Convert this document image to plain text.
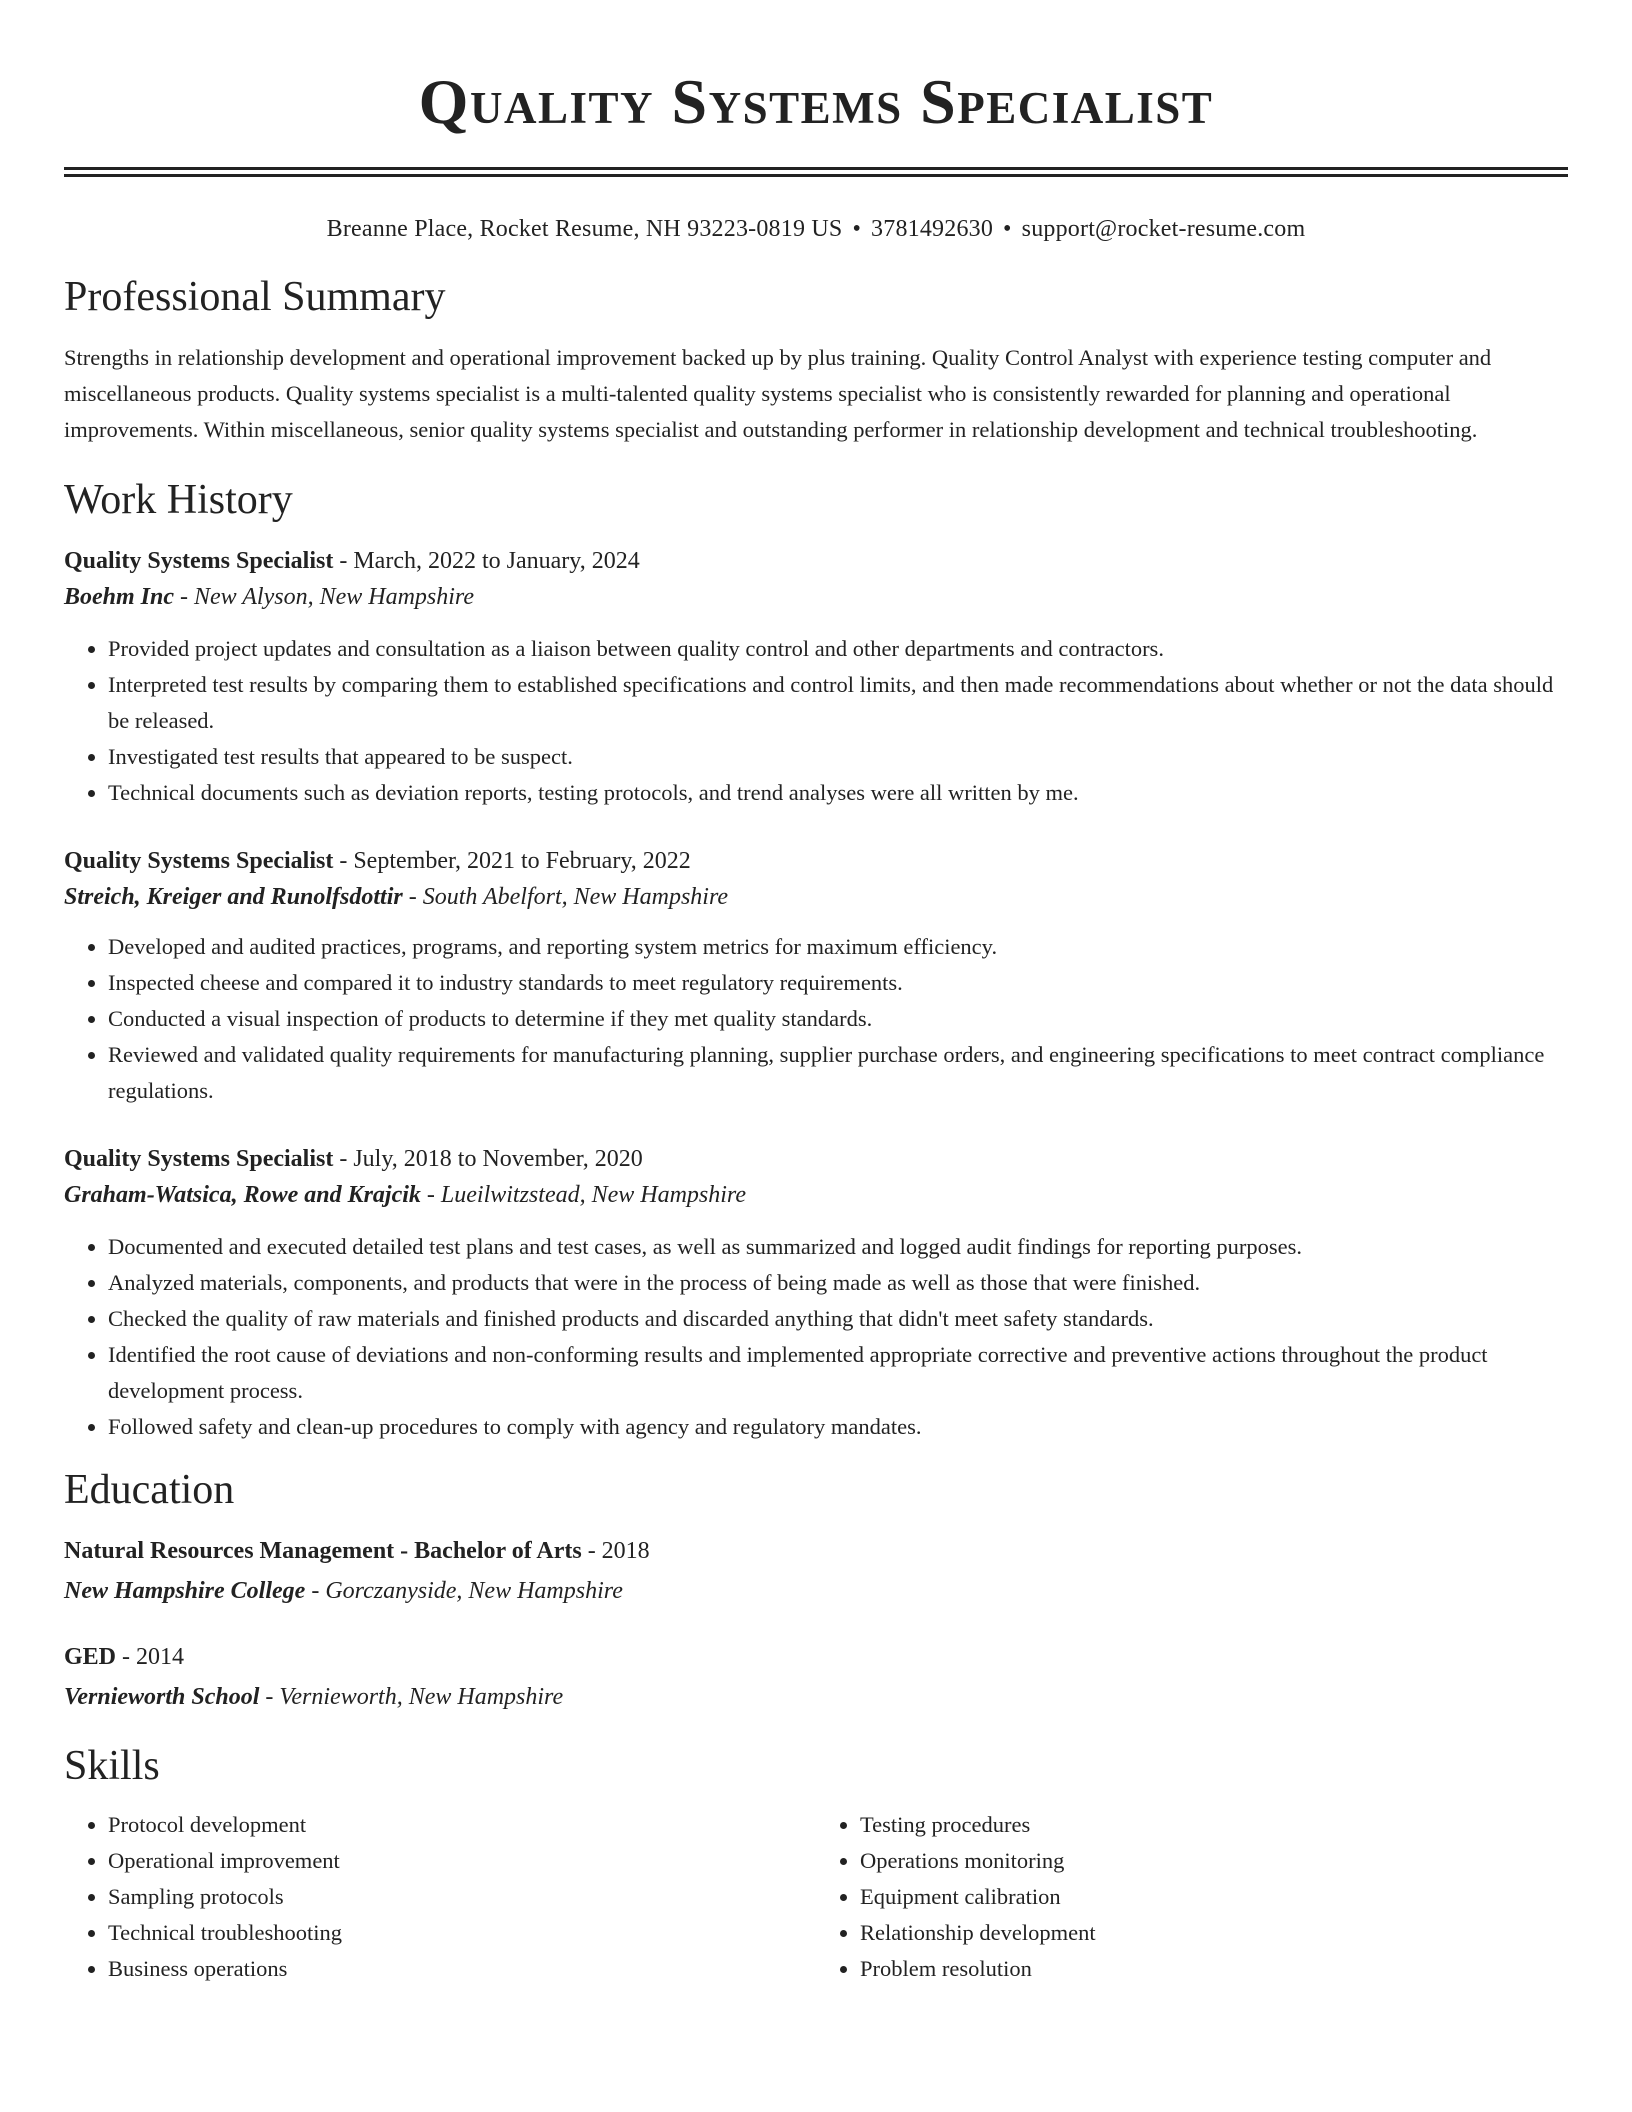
Quality Systems Specialist
Breanne Place, Rocket Resume, NH 93223-0819 US • 3781492630 • support@rocket-resume.com
Professional Summary

Strengths in relationship development and operational improvement backed up by plus training. Quality Control Analyst with experience testing computer and miscellaneous products. Quality systems specialist is a multi-talented quality systems specialist who is consistently rewarded for planning and operational improvements. Within miscellaneous, senior quality systems specialist and outstanding performer in relationship development and technical troubleshooting.

Work History

Quality Systems Specialist - March, 2022 to January, 2024

Boehm Inc - New Alyson, New Hampshire

• Provided project updates and consultation as a liaison between quality control and other departments and contractors.
• Interpreted test results by comparing them to established specifications and control limits, and then made recommendations about whether or not the data should be released.
• Investigated test results that appeared to be suspect.
• Technical documents such as deviation reports, testing protocols, and trend analyses were all written by me.

Quality Systems Specialist - September, 2021 to February, 2022

Streich, Kreiger and Runolfsdottir - South Abelfort, New Hampshire

• Developed and audited practices, programs, and reporting system metrics for maximum efficiency.
• Inspected cheese and compared it to industry standards to meet regulatory requirements.
• Conducted a visual inspection of products to determine if they met quality standards.
• Reviewed and validated quality requirements for manufacturing planning, supplier purchase orders, and engineering specifications to meet contract compliance regulations.

Quality Systems Specialist - July, 2018 to November, 2020

Graham-Watsica, Rowe and Krajcik - Lueilwitzstead, New Hampshire

• Documented and executed detailed test plans and test cases, as well as summarized and logged audit findings for reporting purposes.
• Analyzed materials, components, and products that were in the process of being made as well as those that were finished.
• Checked the quality of raw materials and finished products and discarded anything that didn't meet safety standards.
• Identified the root cause of deviations and non-conforming results and implemented appropriate corrective and preventive actions throughout the product development process.
• Followed safety and clean-up procedures to comply with agency and regulatory mandates.
Education

Natural Resources Management - Bachelor of Arts - 2018

New Hampshire College - Gorczanyside, New Hampshire

GED - 2014

Vernieworth School - Vernieworth, New Hampshire

Skills
• Protocol development
• Operational improvement
• Sampling protocols
• Technical troubleshooting
• Business operations
• Testing procedures
• Operations monitoring
• Equipment calibration
• Relationship development
• Problem resolution
